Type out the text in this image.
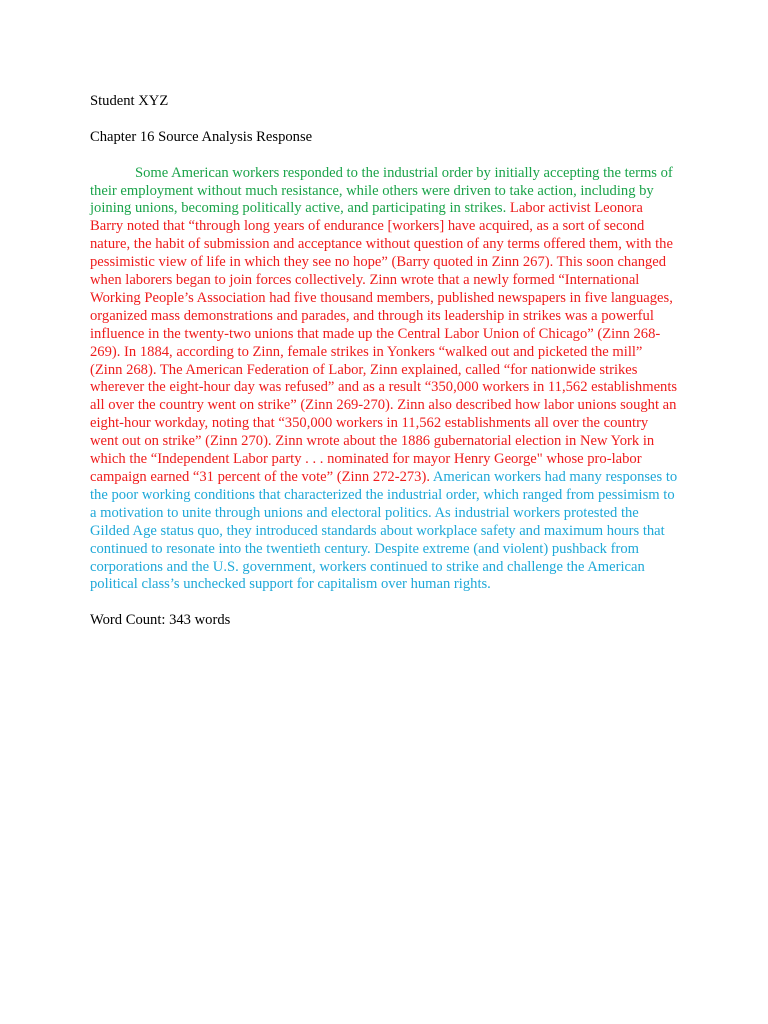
Student XYZ

Chapter 16 Source Analysis Response

Some American workers responded to the industrial order by initially accepting the terms of their employment without much resistance, while others were driven to take action, including by joining unions, becoming politically active, and participating in strikes. Labor activist Leonora Barry noted that “through long years of endurance [workers] have acquired, as a sort of second nature, the habit of submission and acceptance without question of any terms offered them, with the pessimistic view of life in which they see no hope” (Barry quoted in Zinn 267). This soon changed when laborers began to join forces collectively. Zinn wrote that a newly formed “International Working People’s Association had five thousand members, published newspapers in five languages, organized mass demonstrations and parades, and through its leadership in strikes was a powerful influence in the twenty-two unions that made up the Central Labor Union of Chicago” (Zinn 268-269). In 1884, according to Zinn, female strikes in Yonkers “walked out and picketed the mill” (Zinn 268). The American Federation of Labor, Zinn explained, called “for nationwide strikes wherever the eight-hour day was refused” and as a result “350,000 workers in 11,562 establishments all over the country went on strike” (Zinn 269-270). Zinn also described how labor unions sought an eight-hour workday, noting that “350,000 workers in 11,562 establishments all over the country went out on strike” (Zinn 270). Zinn wrote about the 1886 gubernatorial election in New York in which the “Independent Labor party . . . nominated for mayor Henry George" whose pro-labor campaign earned “31 percent of the vote” (Zinn 272-273). American workers had many responses to the poor working conditions that characterized the industrial order, which ranged from pessimism to a motivation to unite through unions and electoral politics. As industrial workers protested the Gilded Age status quo, they introduced standards about workplace safety and maximum hours that continued to resonate into the twentieth century. Despite extreme (and violent) pushback from corporations and the U.S. government, workers continued to strike and challenge the American political class’s unchecked support for capitalism over human rights.

Word Count: 343 words
